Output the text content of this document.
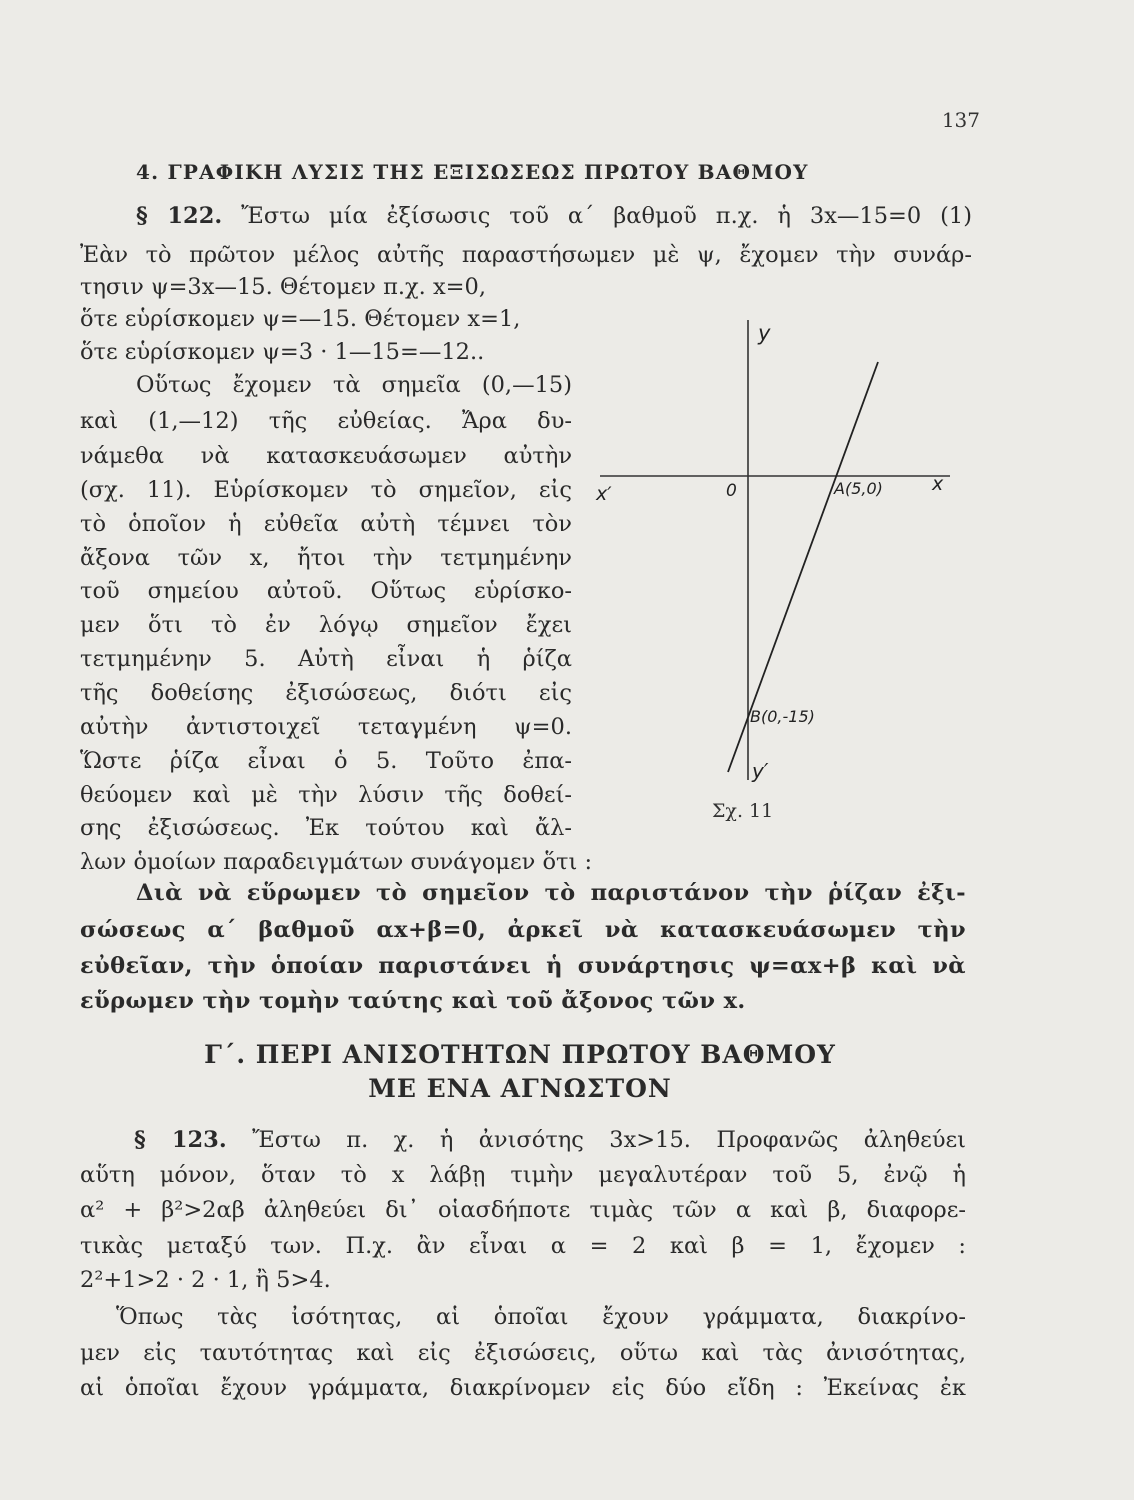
137
4. ΓΡΑΦΙΚΗ ΛΥΣΙΣ ΤΗΣ ΕΞΙΣΩΣΕΩΣ ΠΡΩΤΟΥ ΒΑΘΜΟΥ
§ 122. Ἔστω μία ἐξίσωσις τοῦ α΄ βαθμοῦ π.χ. ἡ 3x—15=0 (1)
Ἐὰν τὸ πρῶτον μέλος αὐτῆς παραστήσωμεν μὲ ψ, ἔχομεν τὴν συνάρ-
τησιν ψ=3x—15. Θέτομεν π.χ. x=0,
ὅτε εὑρίσκομεν ψ=—15. Θέτομεν x=1,
ὅτε εὑρίσκομεν ψ=3 · 1—15=—12..
Οὕτως ἔχομεν τὰ σημεῖα (0,—15)
καὶ (1,—12) τῆς εὐθείας. Ἄρα δυ-
νάμεθα νὰ κατασκευάσωμεν αὐτὴν
(σχ. 11). Εὑρίσκομεν τὸ σημεῖον, εἰς
τὸ ὁποῖον ἡ εὐθεῖα αὐτὴ τέμνει τὸν
ἄξονα τῶν x, ἤτοι τὴν τετμημένην
τοῦ σημείου αὐτοῦ. Οὕτως εὑρίσκο-
μεν ὅτι τὸ ἐν λόγῳ σημεῖον ἔχει
τετμημένην 5. Αὐτὴ εἶναι ἡ ῥίζα
τῆς δοθείσης ἐξισώσεως, διότι εἰς
αὐτὴν ἀντιστοιχεῖ τεταγμένη ψ=0.
Ὥστε ῥίζα εἶναι ὁ 5. Τοῦτο ἐπα-
θεύομεν καὶ μὲ τὴν λύσιν τῆς δοθεί-
σης ἐξισώσεως. Ἐκ τούτου καὶ ἄλ-
λων ὁμοίων παραδειγμάτων συνάγομεν ὅτι :
y
x′	0	A(5,0)	x
B(0,-15)
y′
Σχ. 11
Διὰ νὰ εὕρωμεν τὸ σημεῖον τὸ παριστάνον τὴν ῥίζαν ἐξι-
σώσεως α΄ βαθμοῦ αx+β=0, ἀρκεῖ νὰ κατασκευάσωμεν τὴν
εὐθεῖαν, τὴν ὁποίαν παριστάνει ἡ συνάρτησις ψ=αx+β καὶ νὰ
εὕρωμεν τὴν τομὴν ταύτης καὶ τοῦ ἄξονος τῶν x.
Γ΄. ΠΕΡΙ ΑΝΙΣΟΤΗΤΩΝ ΠΡΩΤΟΥ ΒΑΘΜΟΥ
ΜΕ ΕΝΑ ΑΓΝΩΣΤΟΝ
§ 123. Ἔστω π. χ. ἡ ἀνισότης 3x>15. Προφανῶς ἀληθεύει
αὕτη μόνον, ὅταν τὸ x λάβῃ τιμὴν μεγαλυτέραν τοῦ 5, ἐνῷ ἡ
α² + β²>2αβ ἀληθεύει δι᾽ οἱασδήποτε τιμὰς τῶν α καὶ β, διαφορε-
τικὰς μεταξύ των. Π.χ. ἂν εἶναι α = 2 καὶ β = 1, ἔχομεν :
2²+1>2 · 2 · 1, ἢ 5>4.
Ὅπως τὰς ἰσότητας, αἱ ὁποῖαι ἔχουν γράμματα, διακρίνο-
μεν εἰς ταυτότητας καὶ εἰς ἐξισώσεις, οὕτω καὶ τὰς ἀνισότητας,
αἱ ὁποῖαι ἔχουν γράμματα, διακρίνομεν εἰς δύο εἴδη : Ἐκείνας ἐκ
